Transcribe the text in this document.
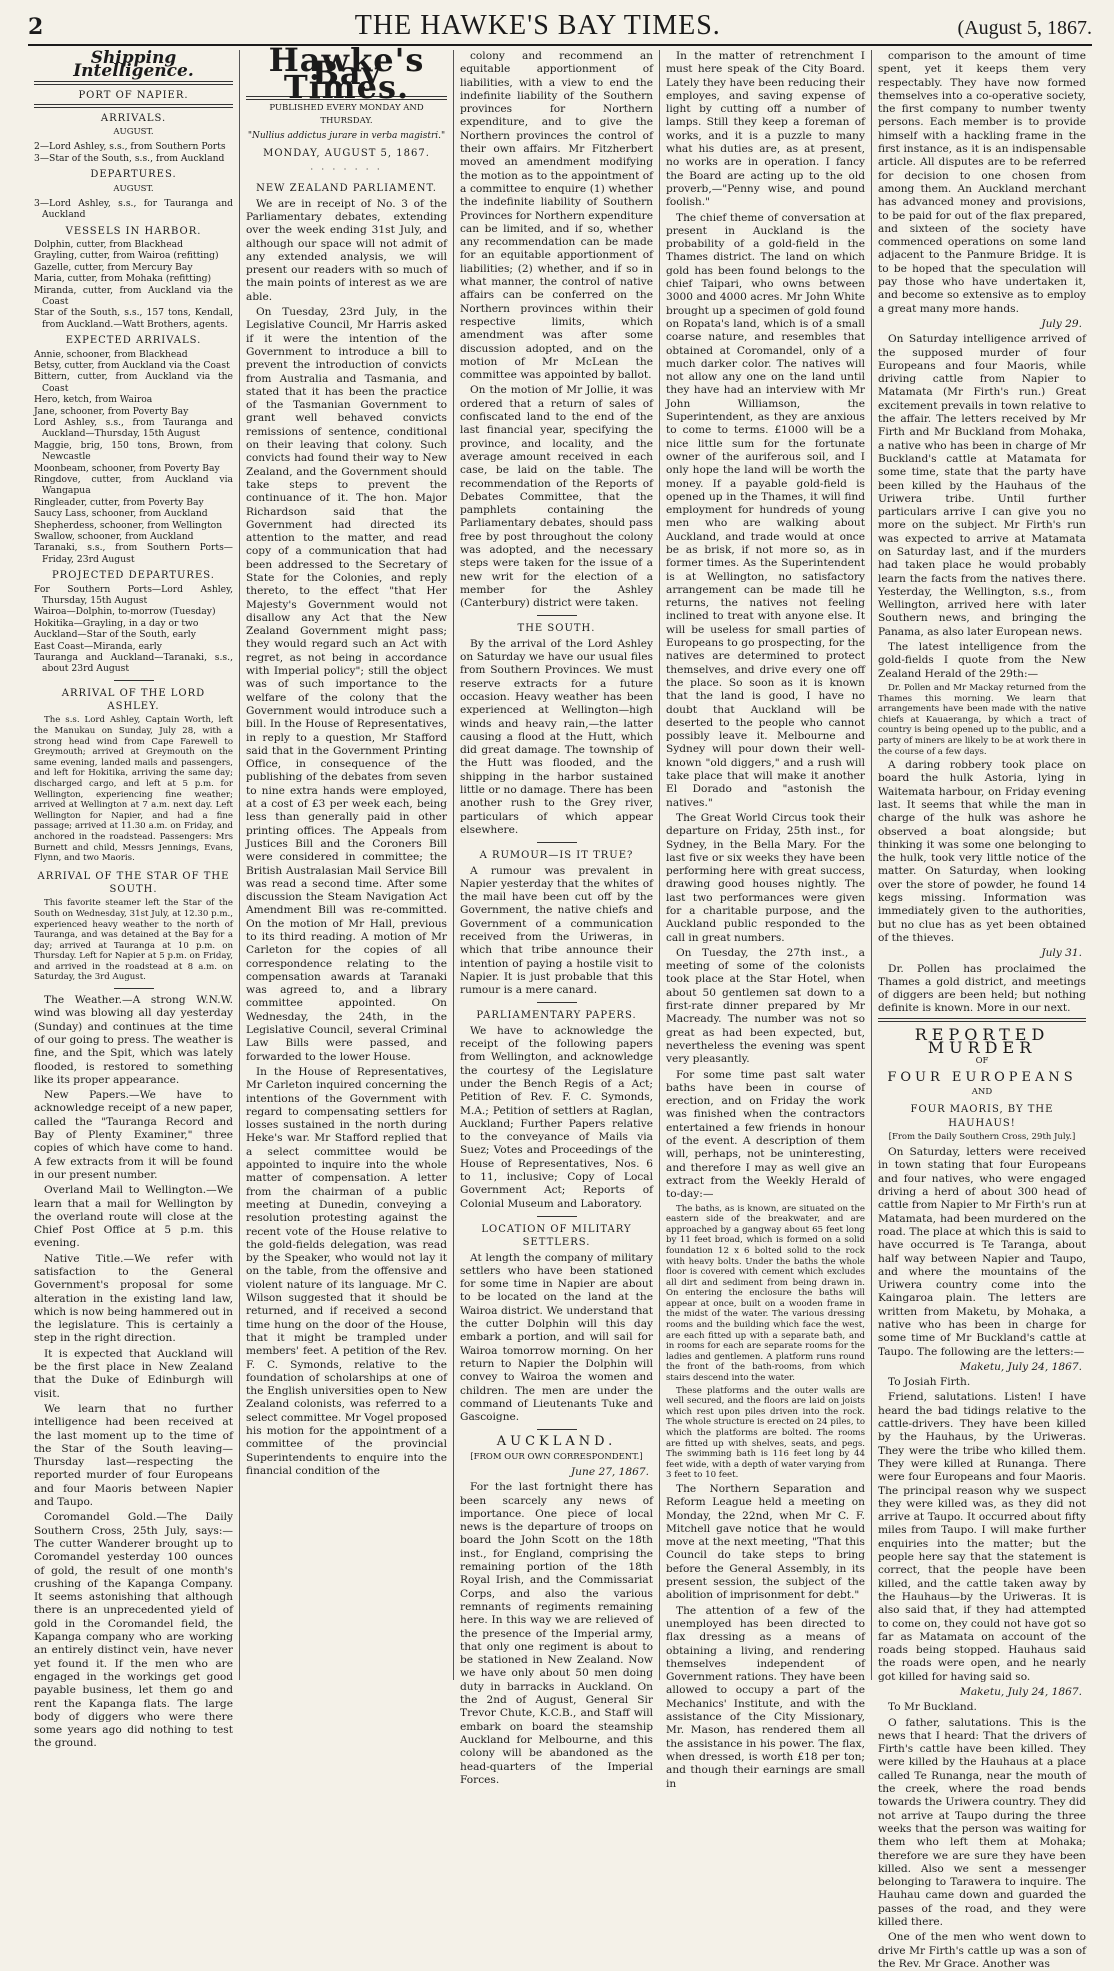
2	THE HAWKE'S BAY TIMES.	(August 5, 1867.
Shipping Intelligence.
PORT OF NAPIER.
ARRIVALS.
AUGUST.

2—Lord Ashley, s.s., from Southern Ports

3—Star of the South, s.s., from Auckland

DEPARTURES.
AUGUST.

3—Lord Ashley, s.s., for Tauranga and Auckland

VESSELS IN HARBOR.

Dolphin, cutter, from Blackhead

Grayling, cutter, from Wairoa (refitting)

Gazelle, cutter, from Mercury Bay

Maria, cutter, from Mohaka (refitting)

Miranda, cutter, from Auckland via the Coast

Star of the South, s.s., 157 tons, Kendall, from Auckland.—Watt Brothers, agents.

EXPECTED ARRIVALS.

Annie, schooner, from Blackhead

Betsy, cutter, from Auckland via the Coast

Bittern, cutter, from Auckland via the Coast

Hero, ketch, from Wairoa

Jane, schooner, from Poverty Bay

Lord Ashley, s.s., from Tauranga and Auckland—Thursday, 15th August

Maggie, brig, 150 tons, Brown, from Newcastle

Moonbeam, schooner, from Poverty Bay

Ringdove, cutter, from Auckland via Wangapua

Ringleader, cutter, from Poverty Bay

Saucy Lass, schooner, from Auckland

Shepherdess, schooner, from Wellington

Swallow, schooner, from Auckland

Taranaki, s.s., from Southern Ports—Friday, 23rd August

PROJECTED DEPARTURES.

For Southern Ports—Lord Ashley, Thursday, 15th August

Wairoa—Dolphin, to-morrow (Tuesday)

Hokitika—Grayling, in a day or two

Auckland—Star of the South, early

East Coast—Miranda, early

Tauranga and Auckland—Taranaki, s.s., about 23rd August

ARRIVAL OF THE LORD ASHLEY.

The s.s. Lord Ashley, Captain Worth, left the Manukau on Sunday, July 28, with a strong head wind from Cape Farewell to Greymouth; arrived at Greymouth on the same evening, landed mails and passengers, and left for Hokitika, arriving the same day; discharged cargo, and left at 5 p.m. for Wellington, experiencing fine weather; arrived at Wellington at 7 a.m. next day. Left Wellington for Napier, and had a fine passage; arrived at 11.30 a.m. on Friday, and anchored in the roadstead. Passengers: Mrs Burnett and child, Messrs Jennings, Evans, Flynn, and two Maoris.

ARRIVAL OF THE STAR OF THE SOUTH.

This favorite steamer left the Star of the South on Wednesday, 31st July, at 12.30 p.m., experienced heavy weather to the north of Tauranga, and was detained at the Bay for a day; arrived at Tauranga at 10 p.m. on Thursday. Left for Napier at 5 p.m. on Friday, and arrived in the roadstead at 8 a.m. on Saturday, the 3rd August.

The Weather.—A strong W.N.W. wind was blowing all day yesterday (Sunday) and continues at the time of our going to press. The weather is fine, and the Spit, which was lately flooded, is restored to something like its proper appearance.

New Papers.—We have to acknowledge receipt of a new paper, called the "Tauranga Record and Bay of Plenty Examiner," three copies of which have come to hand. A few extracts from it will be found in our present number.

Overland Mail to Wellington.—We learn that a mail for Wellington by the overland route will close at the Chief Post Office at 5 p.m. this evening.

Native Title.—We refer with satisfaction to the General Government's proposal for some alteration in the existing land law, which is now being hammered out in the legislature. This is certainly a step in the right direction.

It is expected that Auckland will be the first place in New Zealand that the Duke of Edinburgh will visit.

We learn that no further intelligence had been received at the last moment up to the time of the Star of the South leaving—Thursday last—respecting the reported murder of four Europeans and four Maoris between Napier and Taupo.

Coromandel Gold.—The Daily Southern Cross, 25th July, says:—The cutter Wanderer brought up to Coromandel yesterday 100 ounces of gold, the result of one month's crushing of the Kapanga Company. It seems astonishing that although there is an unprecedented yield of gold in the Coromandel field, the Kapanga company who are working an entirely distinct vein, have never yet found it. If the men who are engaged in the workings get good payable business, let them go and rent the Kapanga flats. The large body of diggers who were there some years ago did nothing to test the ground.

Hawke's Bay Times.
PUBLISHED EVERY MONDAY AND THURSDAY.
"Nullius addictus jurare in verba magistri."
MONDAY, AUGUST 5, 1867.
· · · · · · ·
NEW ZEALAND PARLIAMENT.

We are in receipt of No. 3 of the Parliamentary debates, extending over the week ending 31st July, and although our space will not admit of any extended analysis, we will present our readers with so much of the main points of interest as we are able.

On Tuesday, 23rd July, in the Legislative Council, Mr Harris asked if it were the intention of the Government to introduce a bill to prevent the introduction of convicts from Australia and Tasmania, and stated that it has been the practice of the Tasmanian Government to grant well behaved convicts remissions of sentence, conditional on their leaving that colony. Such convicts had found their way to New Zealand, and the Government should take steps to prevent the continuance of it. The hon. Major Richardson said that the Government had directed its attention to the matter, and read copy of a communication that had been addressed to the Secretary of State for the Colonies, and reply thereto, to the effect "that Her Majesty's Government would not disallow any Act that the New Zealand Government might pass; they would regard such an Act with regret, as not being in accordance with Imperial policy"; still the object was of such importance to the welfare of the colony that the Government would introduce such a bill. In the House of Representatives, in reply to a question, Mr Stafford said that in the Government Printing Office, in consequence of the publishing of the debates from seven to nine extra hands were employed, at a cost of £3 per week each, being less than generally paid in other printing offices. The Appeals from Justices Bill and the Coroners Bill were considered in committee; the British Australasian Mail Service Bill was read a second time. After some discussion the Steam Navigation Act Amendment Bill was re-committed. On the motion of Mr Hall, previous to its third reading. A motion of Mr Carleton for the copies of all correspondence relating to the compensation awards at Taranaki was agreed to, and a library committee appointed. On Wednesday, the 24th, in the Legislative Council, several Criminal Law Bills were passed, and forwarded to the lower House.

In the House of Representatives, Mr Carleton inquired concerning the intentions of the Government with regard to compensating settlers for losses sustained in the north during Heke's war. Mr Stafford replied that a select committee would be appointed to inquire into the whole matter of compensation. A letter from the chairman of a public meeting at Dunedin, conveying a resolution protesting against the recent vote of the House relative to the gold-fields delegation, was read by the Speaker, who would not lay it on the table, from the offensive and violent nature of its language. Mr C. Wilson suggested that it should be returned, and if received a second time hung on the door of the House, that it might be trampled under members' feet. A petition of the Rev. F. C. Symonds, relative to the foundation of scholarships at one of the English universities open to New Zealand colonists, was referred to a select committee. Mr Vogel proposed his motion for the appointment of a committee of the provincial Superintendents to enquire into the financial condition of the

colony and recommend an equitable apportionment of liabilities, with a view to end the indefinite liability of the Southern provinces for Northern expenditure, and to give the Northern provinces the control of their own affairs. Mr Fitzherbert moved an amendment modifying the motion as to the appointment of a committee to enquire (1) whether the indefinite liability of Southern Provinces for Northern expenditure can be limited, and if so, whether any recommendation can be made for an equitable apportionment of liabilities; (2) whether, and if so in what manner, the control of native affairs can be conferred on the Northern provinces within their respective limits, which amendment was after some discussion adopted, and on the motion of Mr McLean the committee was appointed by ballot.

On the motion of Mr Jollie, it was ordered that a return of sales of confiscated land to the end of the last financial year, specifying the province, and locality, and the average amount received in each case, be laid on the table. The recommendation of the Reports of Debates Committee, that the pamphlets containing the Parliamentary debates, should pass free by post throughout the colony was adopted, and the necessary steps were taken for the issue of a new writ for the election of a member for the Ashley (Canterbury) district were taken.

THE SOUTH.

By the arrival of the Lord Ashley on Saturday we have our usual files from Southern Provinces. We must reserve extracts for a future occasion. Heavy weather has been experienced at Wellington—high winds and heavy rain,—the latter causing a flood at the Hutt, which did great damage. The township of the Hutt was flooded, and the shipping in the harbor sustained little or no damage. There has been another rush to the Grey river, particulars of which appear elsewhere.

A RUMOUR—IS IT TRUE?

A rumour was prevalent in Napier yesterday that the whites of the mail have been cut off by the Government, the native chiefs and Government of a communication received from the Uriweras, in which that tribe announce their intention of paying a hostile visit to Napier. It is just probable that this rumour is a mere canard.

PARLIAMENTARY PAPERS.

We have to acknowledge the receipt of the following papers from Wellington, and acknowledge the courtesy of the Legislature under the Bench Regis of a Act; Petition of Rev. F. C. Symonds, M.A.; Petition of settlers at Raglan, Auckland; Further Papers relative to the conveyance of Mails via Suez; Votes and Proceedings of the House of Representatives, Nos. 6 to 11, inclusive; Copy of Local Government Act; Reports of Colonial Museum and Laboratory.

LOCATION OF MILITARY SETTLERS.

At length the company of military settlers who have been stationed for some time in Napier are about to be located on the land at the Wairoa district. We understand that the cutter Dolphin will this day embark a portion, and will sail for Wairoa tomorrow morning. On her return to Napier the Dolphin will convey to Wairoa the women and children. The men are under the command of Lieutenants Tuke and Gascoigne.

AUCKLAND.
[FROM OUR OWN CORRESPONDENT.]
June 27, 1867.

For the last fortnight there has been scarcely any news of importance. One piece of local news is the departure of troops on board the John Scott on the 18th inst., for England, comprising the remaining portion of the 18th Royal Irish, and the Commissariat Corps, and also the various remnants of regiments remaining here. In this way we are relieved of the presence of the Imperial army, that only one regiment is about to be stationed in New Zealand. Now we have only about 50 men doing duty in barracks in Auckland. On the 2nd of August, General Sir Trevor Chute, K.C.B., and Staff will embark on board the steamship Auckland for Melbourne, and this colony will be abandoned as the head-quarters of the Imperial Forces.

In the matter of retrenchment I must here speak of the City Board. Lately they have been reducing their employes, and saving expense of light by cutting off a number of lamps. Still they keep a foreman of works, and it is a puzzle to many what his duties are, as at present, no works are in operation. I fancy the Board are acting up to the old proverb,—"Penny wise, and pound foolish."

The chief theme of conversation at present in Auckland is the probability of a gold-field in the Thames district. The land on which gold has been found belongs to the chief Taipari, who owns between 3000 and 4000 acres. Mr John White brought up a specimen of gold found on Ropata's land, which is of a small coarse nature, and resembles that obtained at Coromandel, only of a much darker color. The natives will not allow any one on the land until they have had an interview with Mr John Williamson, the Superintendent, as they are anxious to come to terms. £1000 will be a nice little sum for the fortunate owner of the auriferous soil, and I only hope the land will be worth the money. If a payable gold-field is opened up in the Thames, it will find employment for hundreds of young men who are walking about Auckland, and trade would at once be as brisk, if not more so, as in former times. As the Superintendent is at Wellington, no satisfactory arrangement can be made till he returns, the natives not feeling inclined to treat with anyone else. It will be useless for small parties of Europeans to go prospecting, for the natives are determined to protect themselves, and drive every one off the place. So soon as it is known that the land is good, I have no doubt that Auckland will be deserted to the people who cannot possibly leave it. Melbourne and Sydney will pour down their well-known "old diggers," and a rush will take place that will make it another El Dorado and "astonish the natives."

The Great World Circus took their departure on Friday, 25th inst., for Sydney, in the Bella Mary. For the last five or six weeks they have been performing here with great success, drawing good houses nightly. The last two performances were given for a charitable purpose, and the Auckland public responded to the call in great numbers.

On Tuesday, the 27th inst., a meeting of some of the colonists took place at the Star Hotel, when about 50 gentlemen sat down to a first-rate dinner prepared by Mr Macready. The number was not so great as had been expected, but, nevertheless the evening was spent very pleasantly.

For some time past salt water baths have been in course of erection, and on Friday the work was finished when the contractors entertained a few friends in honour of the event. A description of them will, perhaps, not be uninteresting, and therefore I may as well give an extract from the Weekly Herald of to-day:—

The baths, as is known, are situated on the eastern side of the breakwater, and are approached by a gangway about 65 feet long by 11 feet broad, which is formed on a solid foundation 12 x 6 bolted solid to the rock with heavy bolts. Under the baths the whole floor is covered with cement which excludes all dirt and sediment from being drawn in. On entering the enclosure the baths will appear at once, built on a wooden frame in the midst of the water. The various dressing rooms and the building which face the west, are each fitted up with a separate bath, and in rooms for each are separate rooms for the ladies and gentlemen. A platform runs round the front of the bath-rooms, from which stairs descend into the water.

These platforms and the outer walls are well secured, and the floors are laid on joists which rest upon piles driven into the rock. The whole structure is erected on 24 piles, to which the platforms are bolted. The rooms are fitted up with shelves, seats, and pegs. The swimming bath is 116 feet long by 44 feet wide, with a depth of water varying from 3 feet to 10 feet.

The Northern Separation and Reform League held a meeting on Monday, the 22nd, when Mr C. F. Mitchell gave notice that he would move at the next meeting, "That this Council do take steps to bring before the General Assembly, in its present session, the subject of the abolition of imprisonment for debt."

The attention of a few of the unemployed has been directed to flax dressing as a means of obtaining a living, and rendering themselves independent of Government rations. They have been allowed to occupy a part of the Mechanics' Institute, and with the assistance of the City Missionary, Mr. Mason, has rendered them all the assistance in his power. The flax, when dressed, is worth £18 per ton; and though their earnings are small in

comparison to the amount of time spent, yet it keeps them very respectably. They have now formed themselves into a co-operative society, the first company to number twenty persons. Each member is to provide himself with a hackling frame in the first instance, as it is an indispensable article. All disputes are to be referred for decision to one chosen from among them. An Auckland merchant has advanced money and provisions, to be paid for out of the flax prepared, and sixteen of the society have commenced operations on some land adjacent to the Panmure Bridge. It is to be hoped that the speculation will pay those who have undertaken it, and become so extensive as to employ a great many more hands.

July 29.

On Saturday intelligence arrived of the supposed murder of four Europeans and four Maoris, while driving cattle from Napier to Matamata (Mr Firth's run.) Great excitement prevails in town relative to the affair. The letters received by Mr Firth and Mr Buckland from Mohaka, a native who has been in charge of Mr Buckland's cattle at Matamata for some time, state that the party have been killed by the Hauhaus of the Uriwera tribe. Until further particulars arrive I can give you no more on the subject. Mr Firth's run was expected to arrive at Matamata on Saturday last, and if the murders had taken place he would probably learn the facts from the natives there. Yesterday, the Wellington, s.s., from Wellington, arrived here with later Southern news, and bringing the Panama, as also later European news.

The latest intelligence from the gold-fields I quote from the New Zealand Herald of the 29th:—

Dr. Pollen and Mr Mackay returned from the Thames this morning. We learn that arrangements have been made with the native chiefs at Kauaeranga, by which a tract of country is being opened up to the public, and a party of miners are likely to be at work there in the course of a few days.

A daring robbery took place on board the hulk Astoria, lying in Waitemata harbour, on Friday evening last. It seems that while the man in charge of the hulk was ashore he observed a boat alongside; but thinking it was some one belonging to the hulk, took very little notice of the matter. On Saturday, when looking over the store of powder, he found 14 kegs missing. Information was immediately given to the authorities, but no clue has as yet been obtained of the thieves.

July 31.

Dr. Pollen has proclaimed the Thames a gold district, and meetings of diggers are been held; but nothing definite is known. More in our next.

REPORTED MURDER
OF
FOUR EUROPEANS
AND
FOUR MAORIS, BY THE HAUHAUS!
[From the Daily Southern Cross, 29th July.]

On Saturday, letters were received in town stating that four Europeans and four natives, who were engaged driving a herd of about 300 head of cattle from Napier to Mr Firth's run at Matamata, had been murdered on the road. The place at which this is said to have occurred is Te Taranga, about half way between Napier and Taupo, and where the mountains of the Uriwera country come into the Kaingaroa plain. The letters are written from Maketu, by Mohaka, a native who has been in charge for some time of Mr Buckland's cattle at Taupo. The following are the letters:—

Maketu, July 24, 1867.

To Josiah Firth.

Friend, salutations. Listen! I have heard the bad tidings relative to the cattle-drivers. They have been killed by the Hauhaus, by the Uriweras. They were the tribe who killed them. They were killed at Runanga. There were four Europeans and four Maoris. The principal reason why we suspect they were killed was, as they did not arrive at Taupo. It occurred about fifty miles from Taupo. I will make further enquiries into the matter; but the people here say that the statement is correct, that the people have been killed, and the cattle taken away by the Hauhaus—by the Uriweras. It is also said that, if they had attempted to come on, they could not have got so far as Matamata on account of the roads being stopped. Hauhaus said the roads were open, and he nearly got killed for having said so.

Maketu, July 24, 1867.

To Mr Buckland.

O father, salutations. This is the news that I heard: That the drivers of Firth's cattle have been killed. They were killed by the Hauhaus at a place called Te Runanga, near the mouth of the creek, where the road bends towards the Uriwera country. They did not arrive at Taupo during the three weeks that the person was waiting for them who left them at Mohaka; therefore we are sure they have been killed. Also we sent a messenger belonging to Tarawera to inquire. The Hauhau came down and guarded the passes of the road, and they were killed there.

One of the men who went down to drive Mr Firth's cattle up was a son of the Rev. Mr Grace. Another was
